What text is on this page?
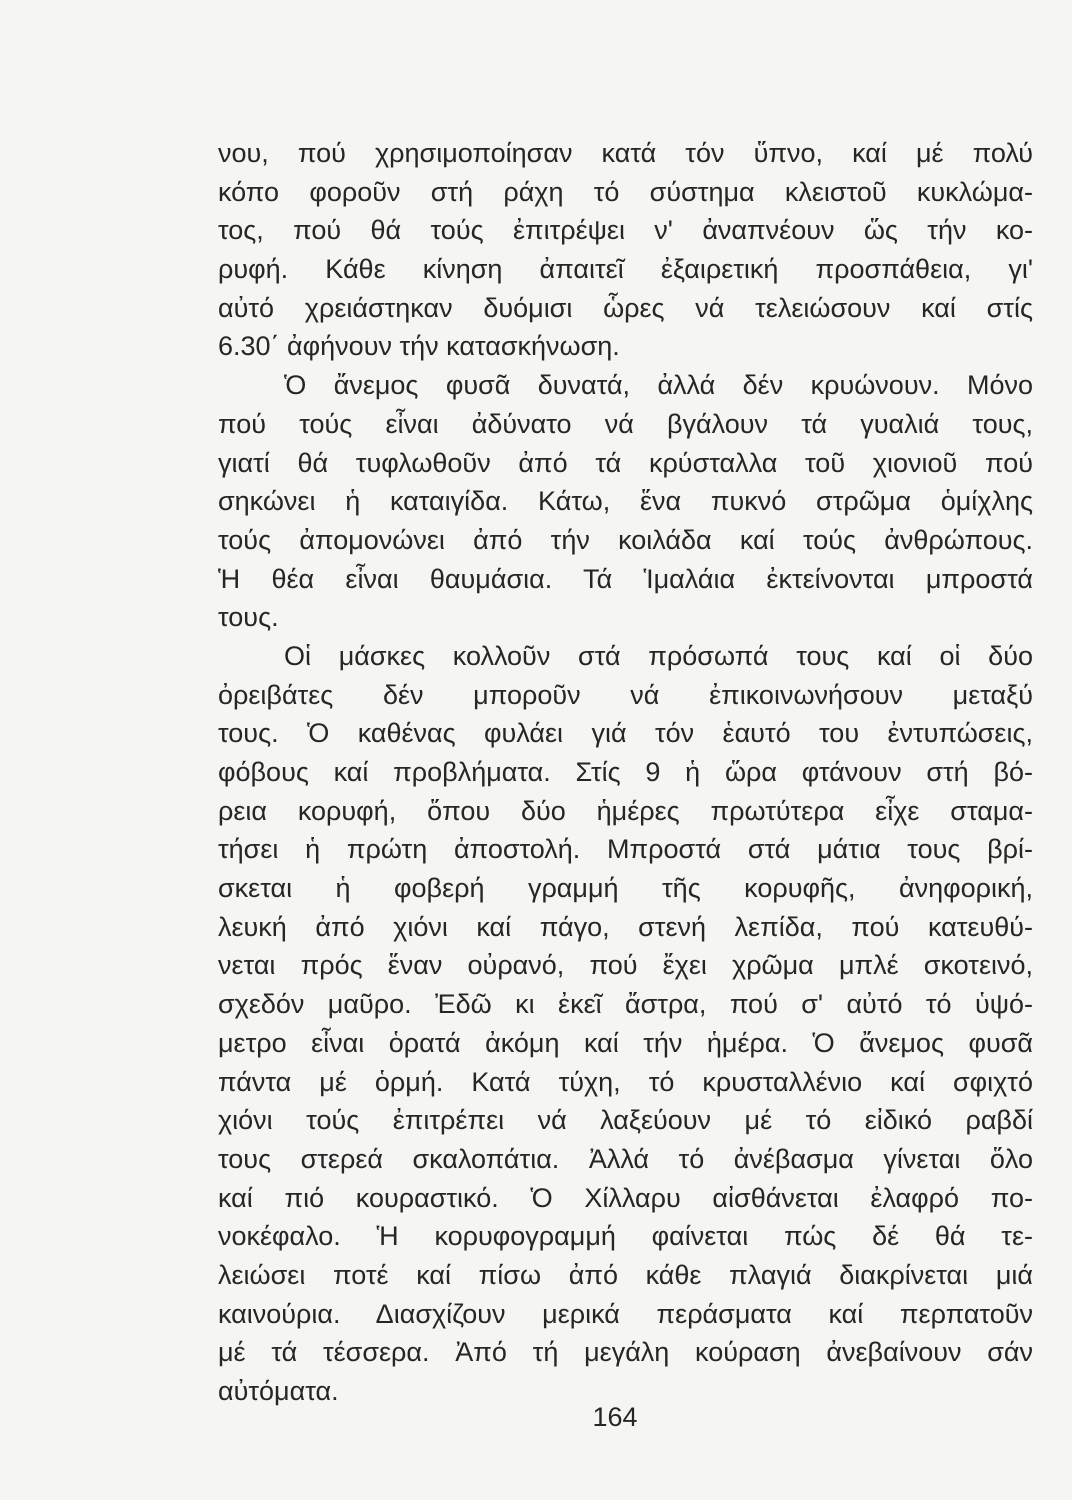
νου, πού χρησιμοποίησαν κατά τόν ὕπνο, καί μέ πολύ
κόπο φοροῦν στή ράχη τό σύστημα κλειστοῦ κυκλώμα-
τος, πού θά τούς ἐπιτρέψει ν' ἀναπνέουν ὥς τήν κο-
ρυφή. Κάθε κίνηση ἀπαιτεῖ ἐξαιρετική προσπάθεια, γι'
αὐτό χρειάστηκαν δυόμισι ὧρες νά τελειώσουν καί στίς
6.30΄ ἀφήνουν τήν κατασκήνωση.
Ὁ ἄνεμος φυσᾶ δυνατά, ἀλλά δέν κρυώνουν. Μόνο
πού τούς εἶναι ἀδύνατο νά βγάλουν τά γυαλιά τους,
γιατί θά τυφλωθοῦν ἀπό τά κρύσταλλα τοῦ χιονιοῦ πού
σηκώνει ἡ καταιγίδα. Κάτω, ἕνα πυκνό στρῶμα ὁμίχλης
τούς ἀπομονώνει ἀπό τήν κοιλάδα καί τούς ἀνθρώπους.
Ἡ θέα εἶναι θαυμάσια. Τά Ἱμαλάια ἐκτείνονται μπροστά
τους.
Οἱ μάσκες κολλοῦν στά πρόσωπά τους καί οἱ δύο
ὀρειβάτες δέν μποροῦν νά ἐπικοινωνήσουν μεταξύ
τους. Ὁ καθένας φυλάει γιά τόν ἑαυτό του ἐντυπώσεις,
φόβους καί προβλήματα. Στίς 9 ἡ ὥρα φτάνουν στή βό-
ρεια κορυφή, ὅπου δύο ἡμέρες πρωτύτερα εἶχε σταμα-
τήσει ἡ πρώτη ἀποστολή. Μπροστά στά μάτια τους βρί-
σκεται ἡ φοβερή γραμμή τῆς κορυφῆς, ἀνηφορική,
λευκή ἀπό χιόνι καί πάγο, στενή λεπίδα, πού κατευθύ-
νεται πρός ἕναν οὐρανό, πού ἔχει χρῶμα μπλέ σκοτεινό,
σχεδόν μαῦρο. Ἐδῶ κι ἐκεῖ ἄστρα, πού σ' αὐτό τό ὑψό-
μετρο εἶναι ὁρατά ἀκόμη καί τήν ἡμέρα. Ὁ ἄνεμος φυσᾶ
πάντα μέ ὁρμή. Κατά τύχη, τό κρυσταλλένιο καί σφιχτό
χιόνι τούς ἐπιτρέπει νά λαξεύουν μέ τό εἰδικό ραβδί
τους στερεά σκαλοπάτια. Ἀλλά τό ἀνέβασμα γίνεται ὅλο
καί πιό κουραστικό. Ὁ Χίλλαρυ αἰσθάνεται ἐλαφρό πο-
νοκέφαλο. Ἡ κορυφογραμμή φαίνεται πώς δέ θά τε-
λειώσει ποτέ καί πίσω ἀπό κάθε πλαγιά διακρίνεται μιά
καινούρια. Διασχίζουν μερικά περάσματα καί περπατοῦν
μέ τά τέσσερα. Ἀπό τή μεγάλη κούραση ἀνεβαίνουν σάν
αὐτόματα.
164
